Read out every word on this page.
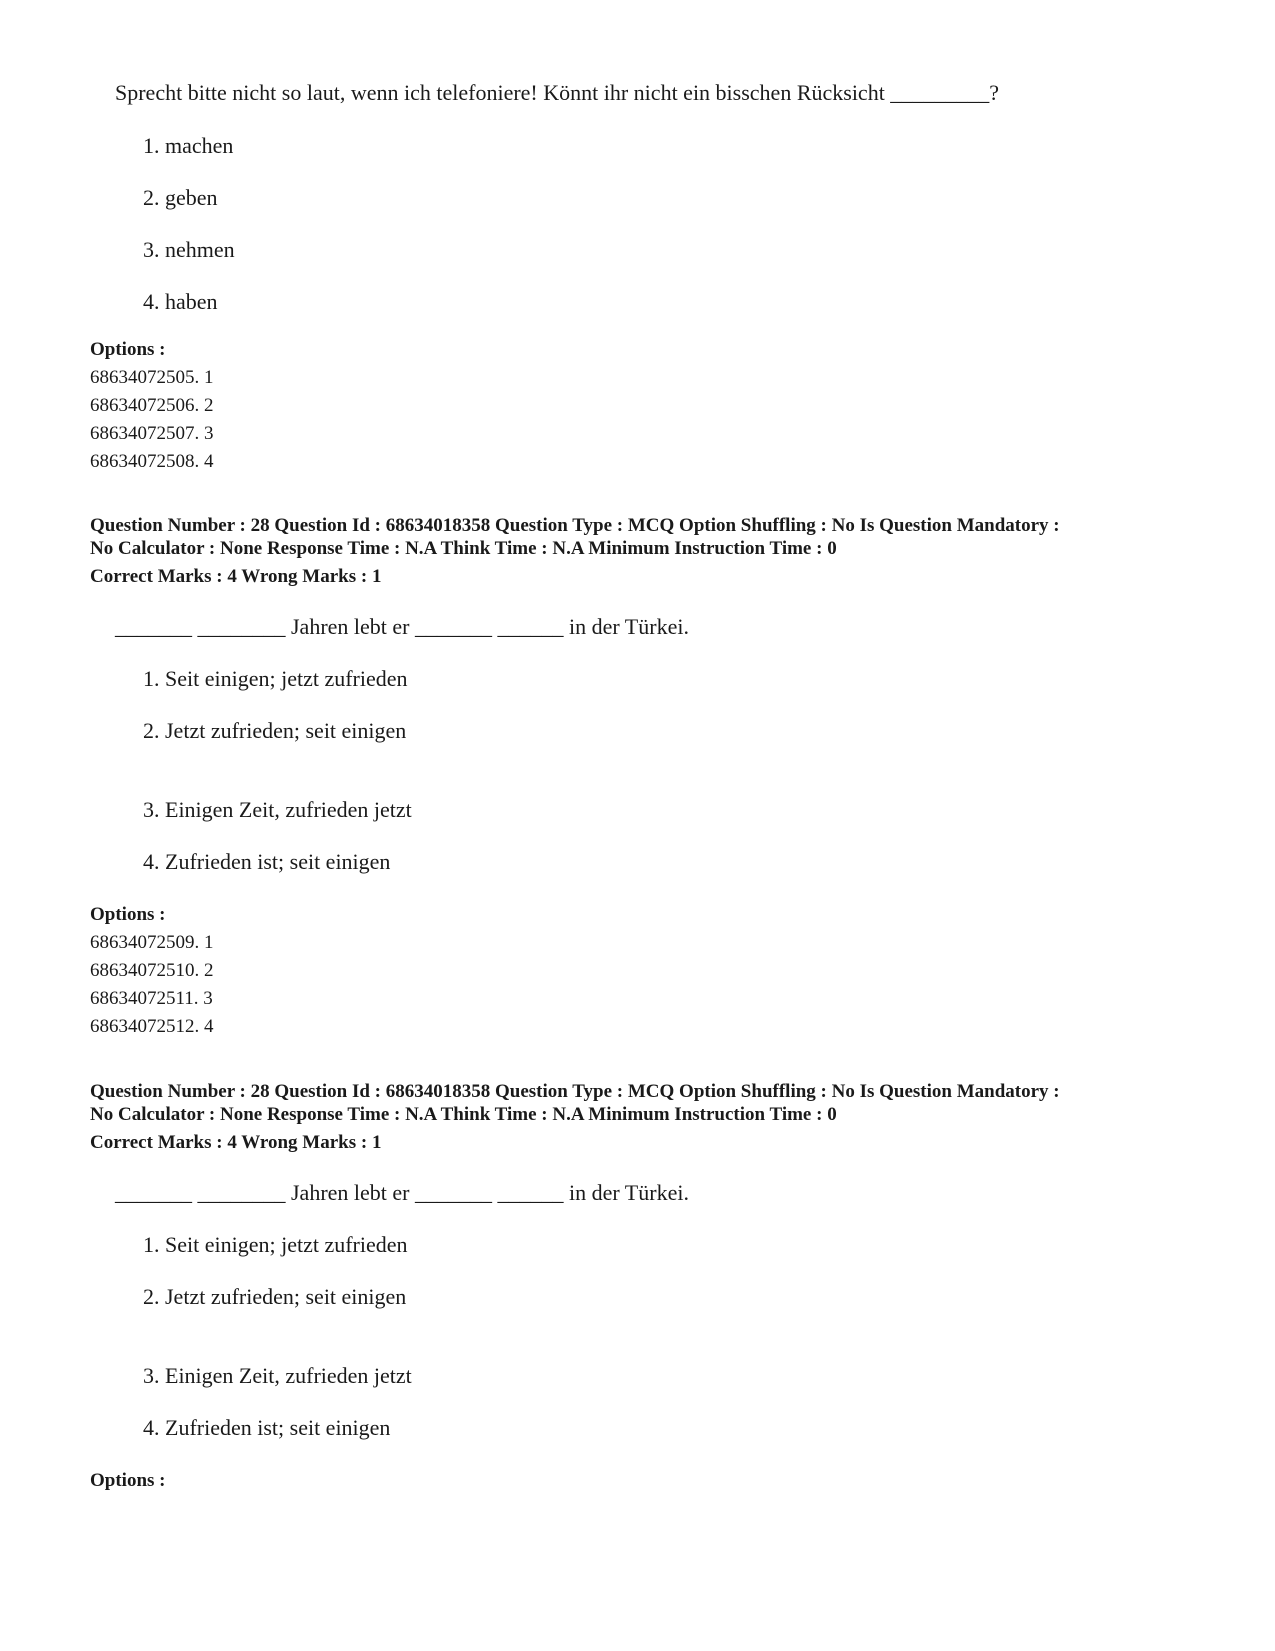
Sprecht bitte nicht so laut, wenn ich telefoniere! Könnt ihr nicht ein bisschen Rücksicht _________?
1. machen
2. geben
3. nehmen
4. haben
Options :
68634072505. 1
68634072506. 2
68634072507. 3
68634072508. 4
Question Number : 28 Question Id : 68634018358 Question Type : MCQ Option Shuffling : No Is Question Mandatory :
No Calculator : None Response Time : N.A Think Time : N.A Minimum Instruction Time : 0
Correct Marks : 4 Wrong Marks : 1
_______ ________ Jahren lebt er _______ ______ in der Türkei.
1. Seit einigen; jetzt zufrieden
2. Jetzt zufrieden; seit einigen
3. Einigen Zeit, zufrieden jetzt
4. Zufrieden ist; seit einigen
Options :
68634072509. 1
68634072510. 2
68634072511. 3
68634072512. 4
Question Number : 28 Question Id : 68634018358 Question Type : MCQ Option Shuffling : No Is Question Mandatory :
No Calculator : None Response Time : N.A Think Time : N.A Minimum Instruction Time : 0
Correct Marks : 4 Wrong Marks : 1
_______ ________ Jahren lebt er _______ ______ in der Türkei.
1. Seit einigen; jetzt zufrieden
2. Jetzt zufrieden; seit einigen
3. Einigen Zeit, zufrieden jetzt
4. Zufrieden ist; seit einigen
Options :
